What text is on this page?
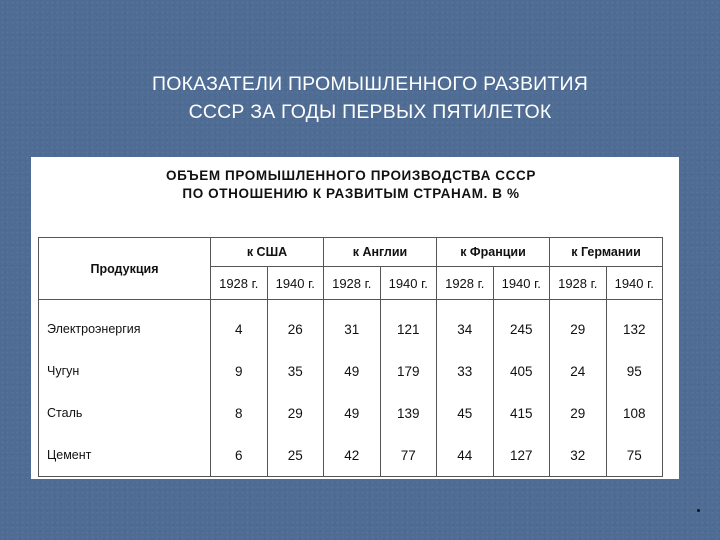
ПОКАЗАТЕЛИ ПРОМЫШЛЕННОГО РАЗВИТИЯ
СССР ЗА ГОДЫ ПЕРВЫХ ПЯТИЛЕТОК
ОБЪЕМ ПРОМЫШЛЕННОГО ПРОИЗВОДСТВА СССР
ПО ОТНОШЕНИЮ К РАЗВИТЫМ СТРАНАМ. В %
Продукция	к США		к Англии		к Франции		к Германии	
	1928 г.	1940 г.	1928 г.	1940 г.	1928 г.	1940 г.	1928 г.	1940 г.
Электроэнергия	4	26	31	121	34	245	29	132
Чугун	9	35	49	179	33	405	24	95
Сталь	8	29	49	139	45	415	29	108
Цемент	6	25	42	77	44	127	32	75
